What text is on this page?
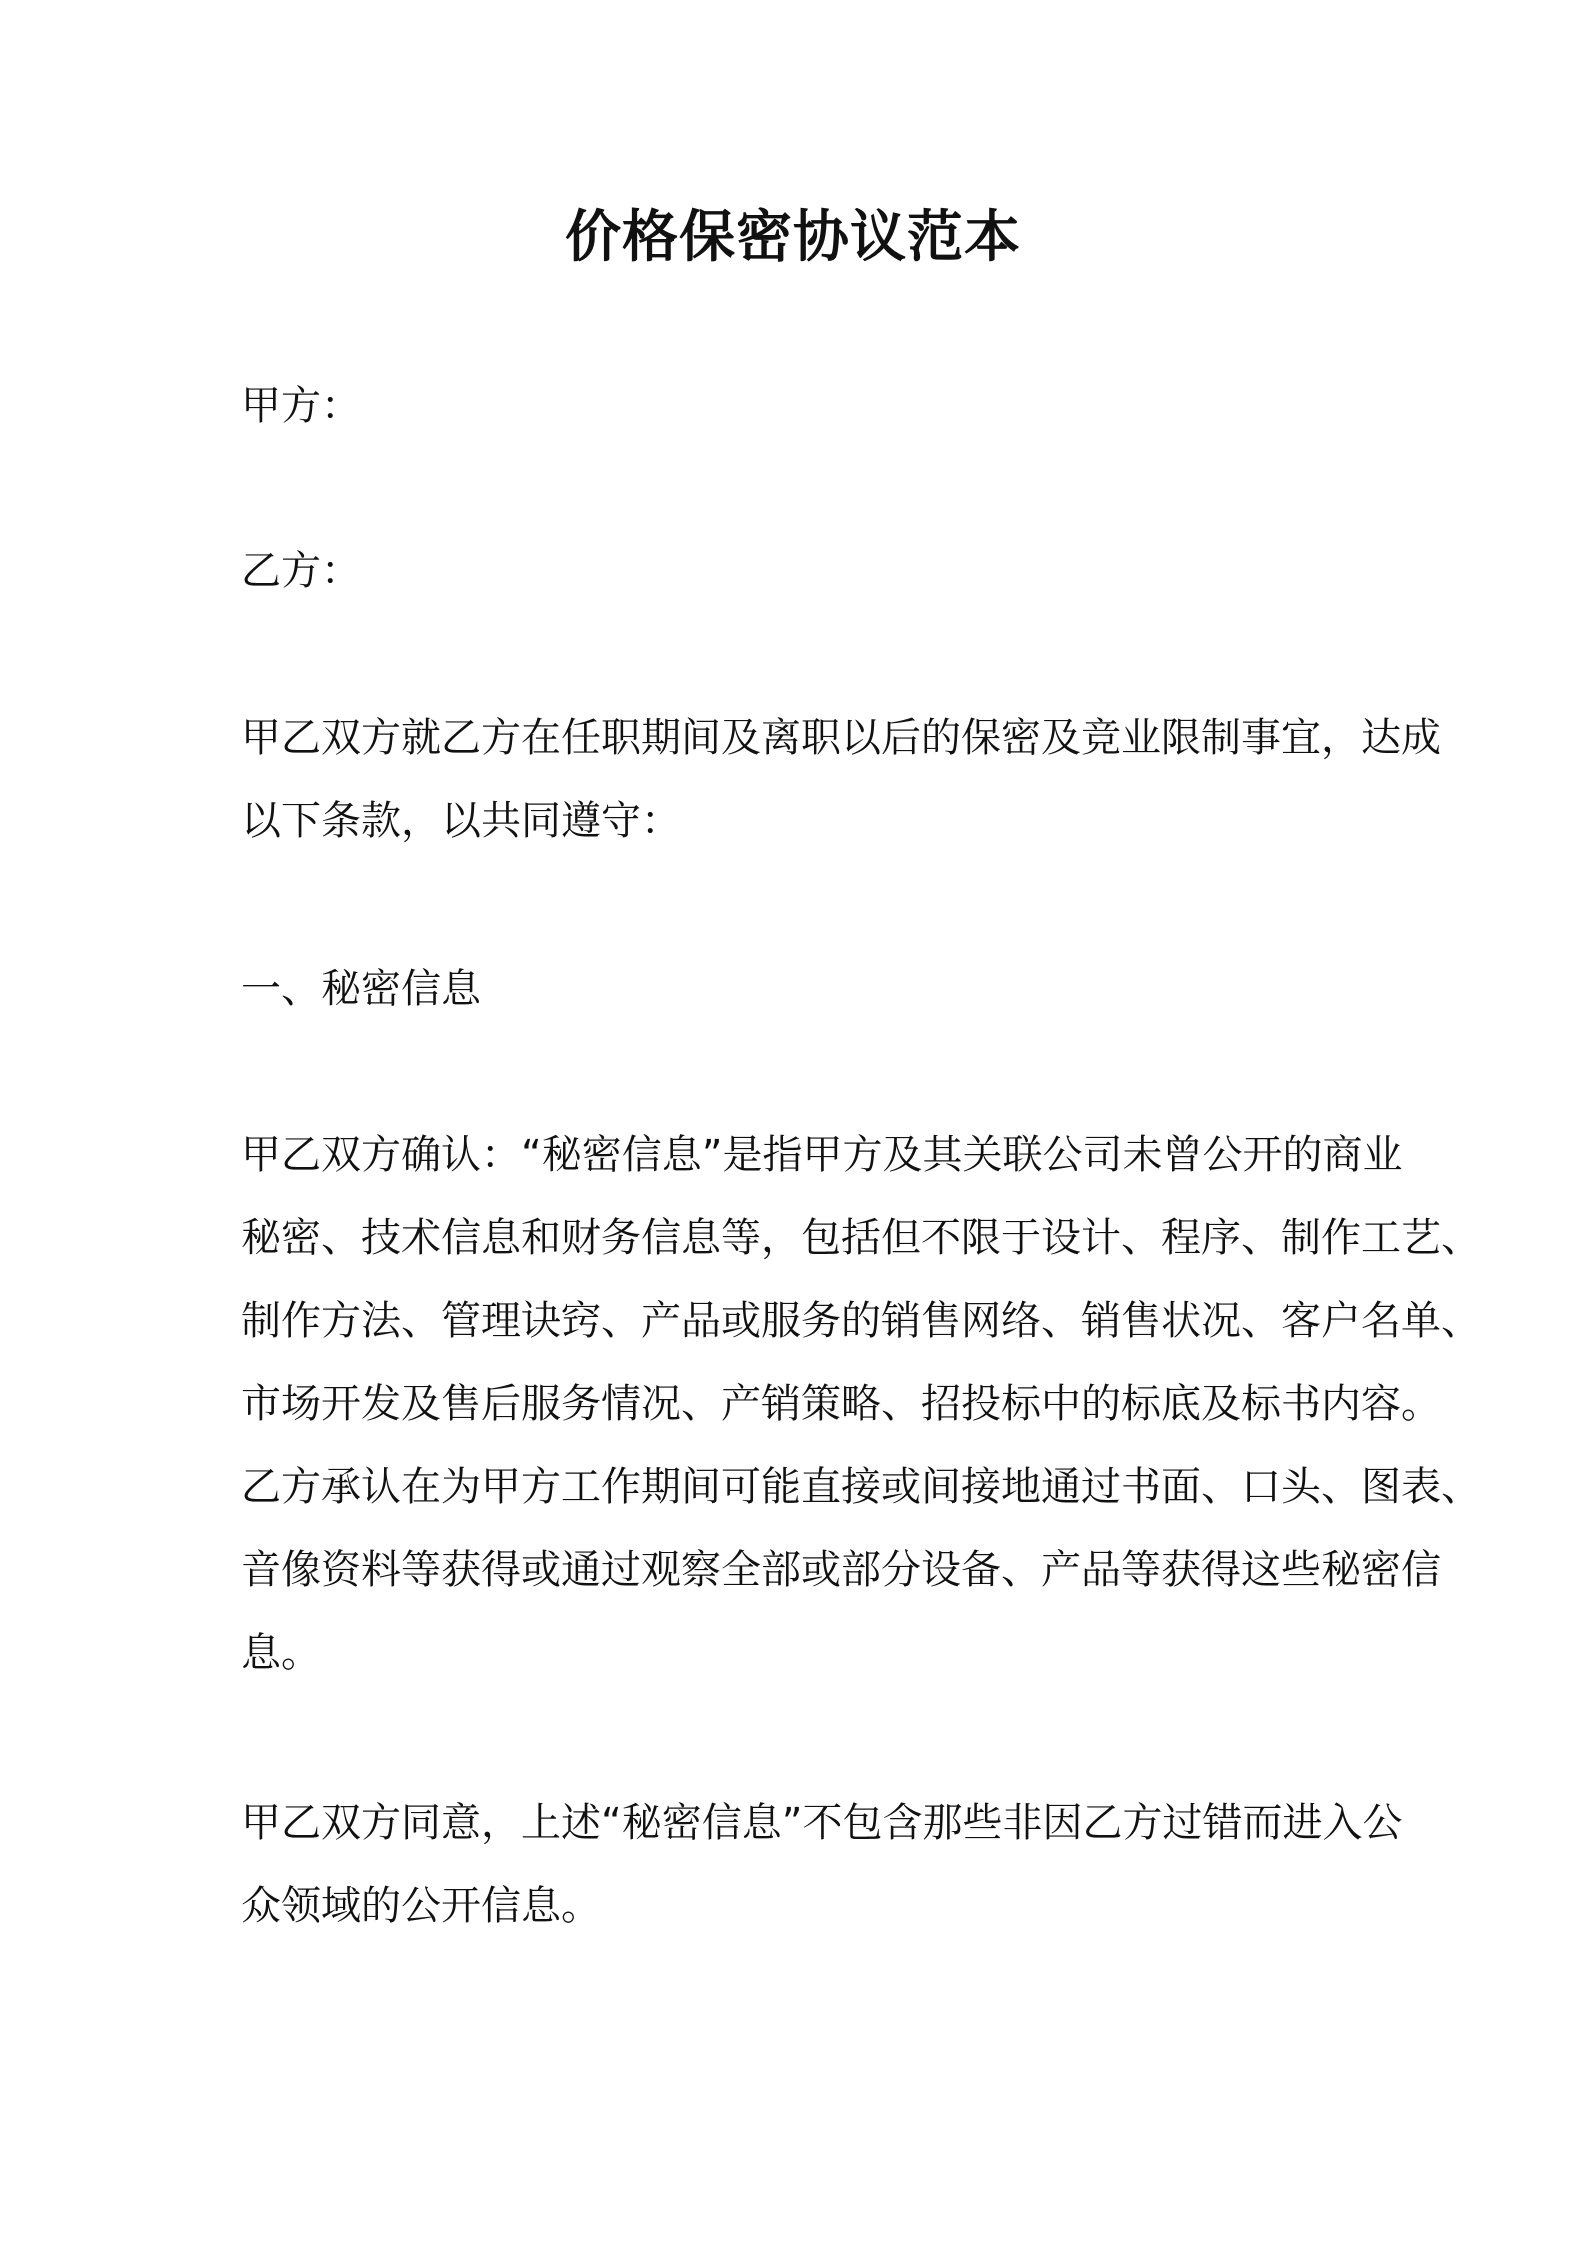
价格保密协议范本

甲方：

乙方：

甲乙双方就乙方在任职期间及离职以后的保密及竞业限制事宜，达成
以下条款，以共同遵守：

一、秘密信息

甲乙双方确认：“秘密信息”是指甲方及其关联公司未曾公开的商业
秘密、技术信息和财务信息等，包括但不限于设计、程序、制作工艺、
制作方法、管理诀窍、产品或服务的销售网络、销售状况、客户名单、
市场开发及售后服务情况、产销策略、招投标中的标底及标书内容。
乙方承认在为甲方工作期间可能直接或间接地通过书面、口头、图表、
音像资料等获得或通过观察全部或部分设备、产品等获得这些秘密信
息。

甲乙双方同意，上述“秘密信息”不包含那些非因乙方过错而进入公
众领域的公开信息。
